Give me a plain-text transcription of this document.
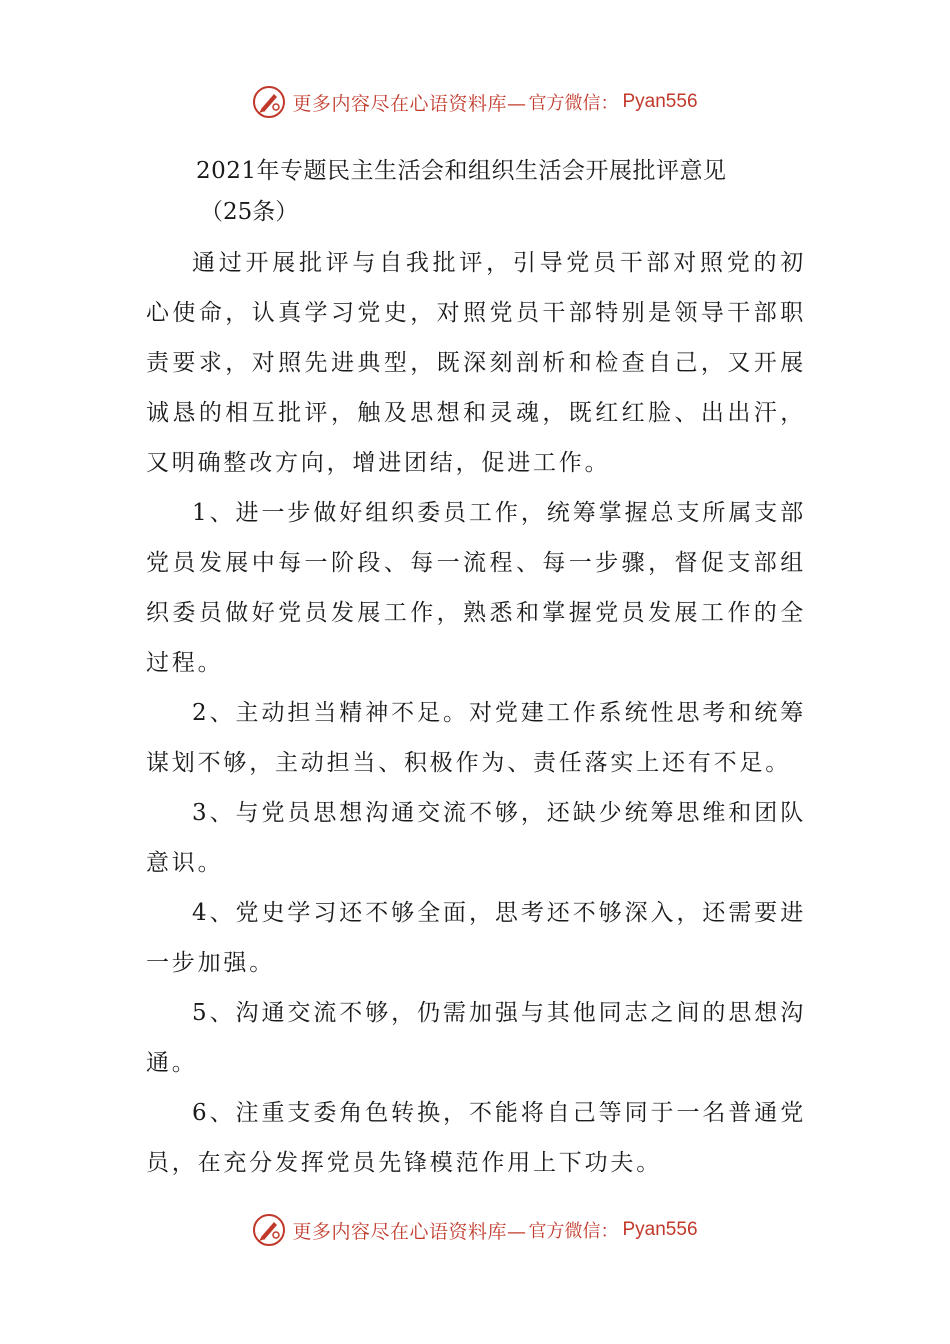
更多内容尽在心语资料库— 官方微信： Pyan556
2021年专题民主生活会和组织生活会开展批评意见
（25条）

通过开展批评与自我批评，引导党员干部对照党的初心使命，认真学习党史，对照党员干部特别是领导干部职责要求，对照先进典型，既深刻剖析和检查自己，又开展诚恳的相互批评，触及思想和灵魂，既红红脸、出出汗，又明确整改方向，增进团结，促进工作。

1、进一步做好组织委员工作，统筹掌握总支所属支部党员发展中每一阶段、每一流程、每一步骤，督促支部组织委员做好党员发展工作，熟悉和掌握党员发展工作的全过程。

2、主动担当精神不足。对党建工作系统性思考和统筹谋划不够，主动担当、积极作为、责任落实上还有不足。

3、与党员思想沟通交流不够，还缺少统筹思维和团队意识。

4、党史学习还不够全面，思考还不够深入，还需要进一步加强。

5、沟通交流不够，仍需加强与其他同志之间的思想沟通。

6、注重支委角色转换，不能将自己等同于一名普通党员，在充分发挥党员先锋模范作用上下功夫。

更多内容尽在心语资料库— 官方微信： Pyan556
